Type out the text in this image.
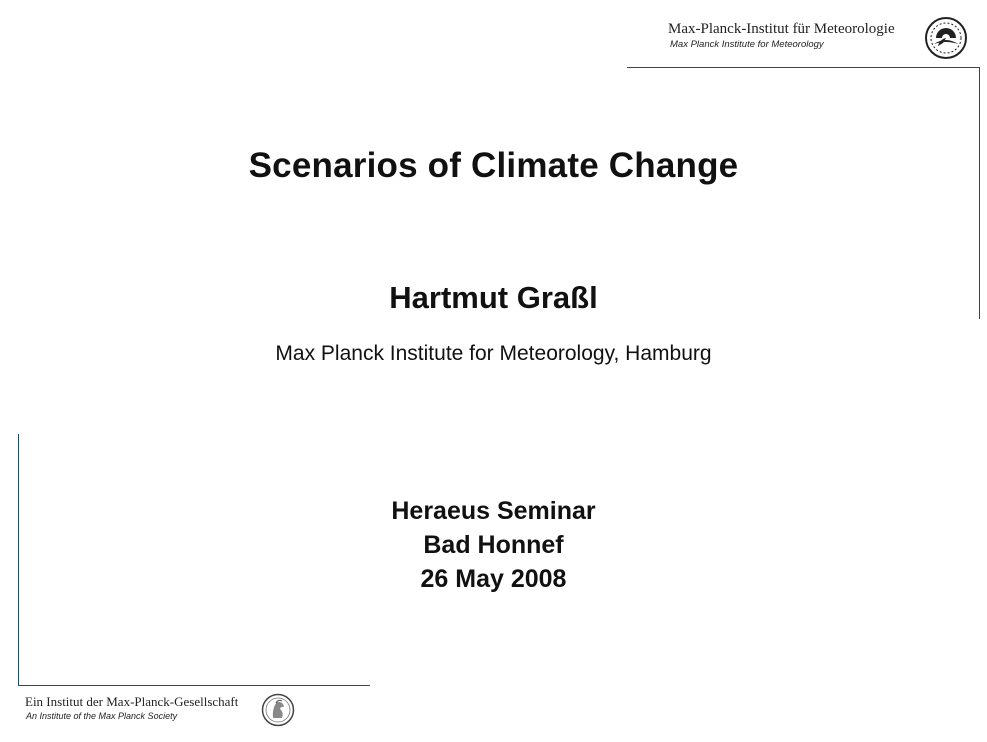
Max-Planck-Institut für Meteorologie
Max Planck Institute for Meteorology
Scenarios of Climate Change
Hartmut Graßl
Max Planck Institute for Meteorology, Hamburg
Heraeus Seminar
Bad Honnef
26 May 2008
Ein Institut der Max-Planck-Gesellschaft
An Institute of the Max Planck Society
